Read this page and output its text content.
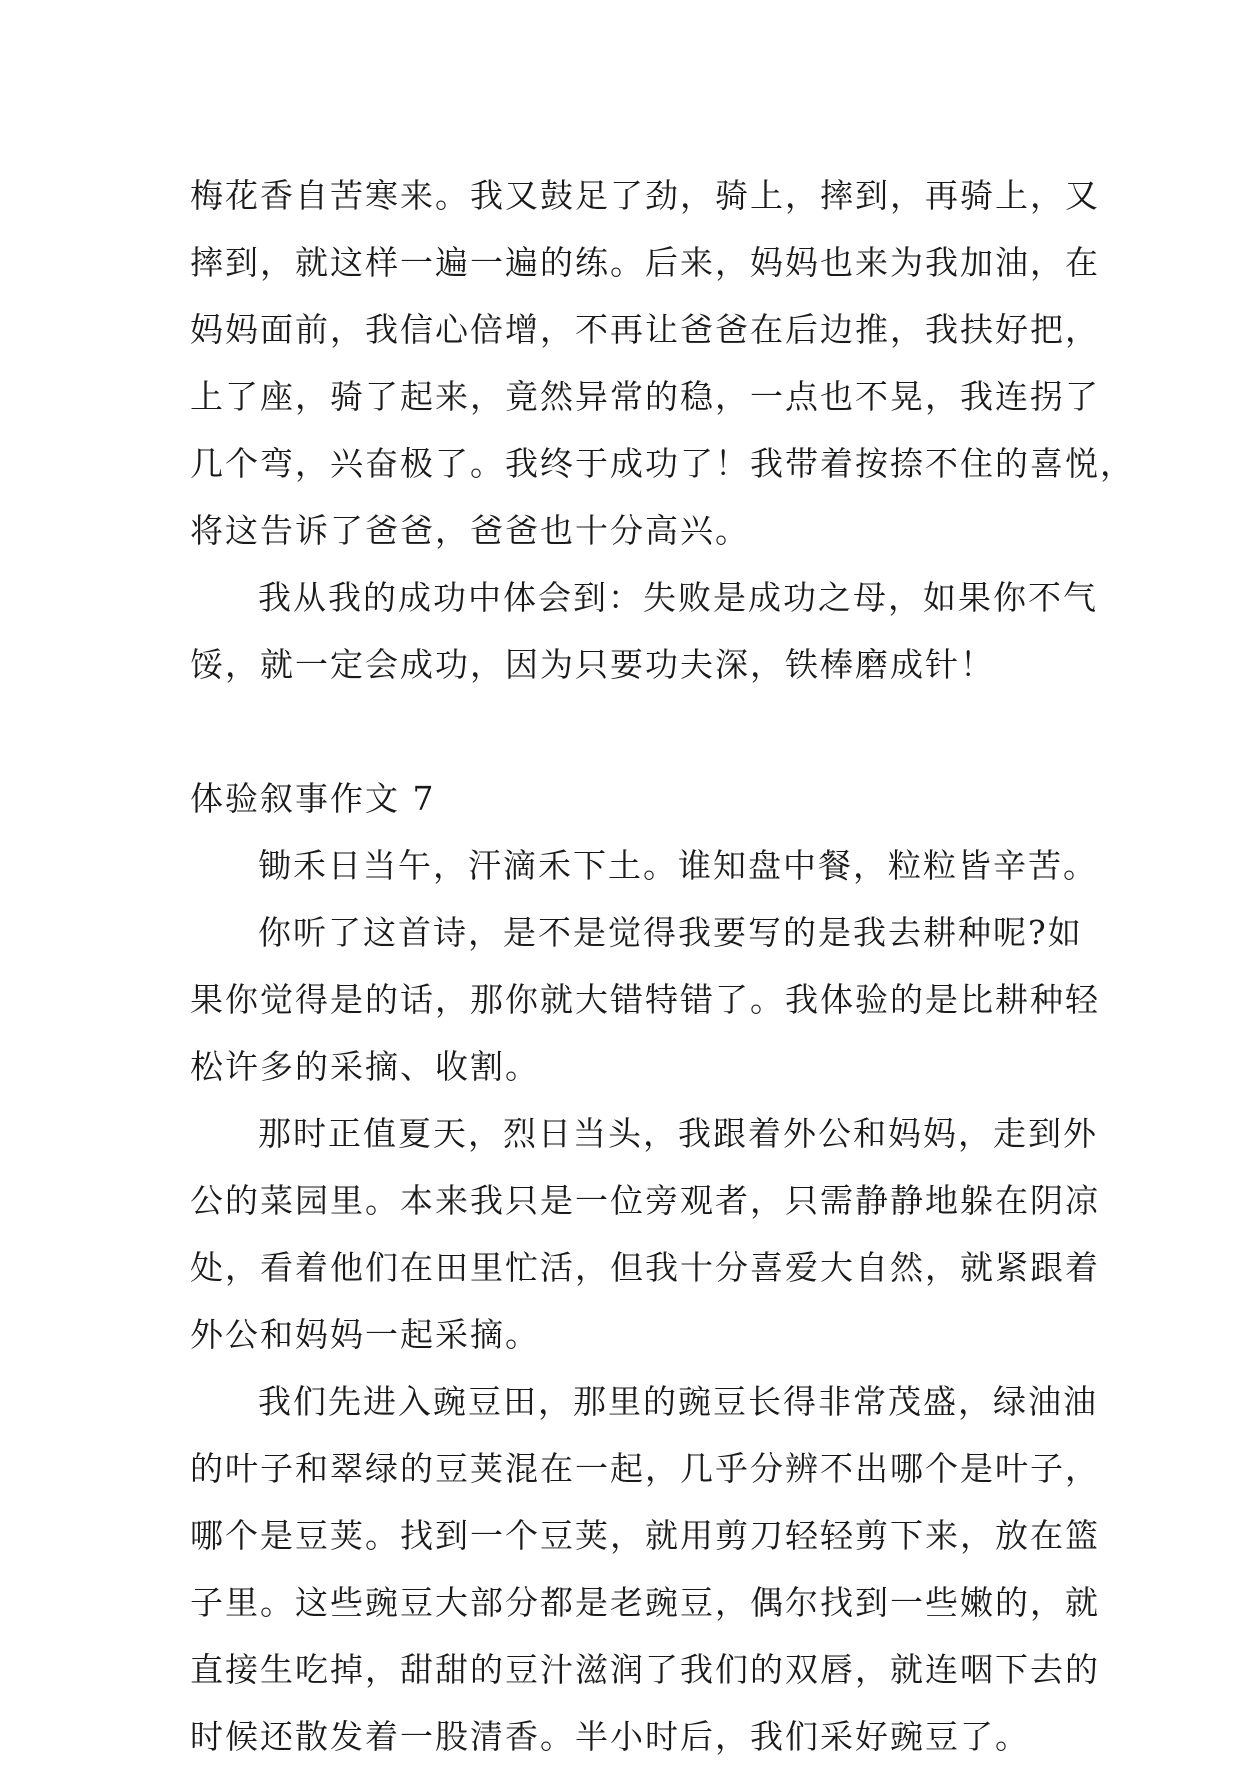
梅花香自苦寒来。我又鼓足了劲，骑上，摔到，再骑上，又
摔到，就这样一遍一遍的练。后来，妈妈也来为我加油，在
妈妈面前，我信心倍增，不再让爸爸在后边推，我扶好把，
上了座，骑了起来，竟然异常的稳，一点也不晃，我连拐了
几个弯，兴奋极了。我终于成功了！我带着按捺不住的喜悦，
将这告诉了爸爸，爸爸也十分高兴。
我从我的成功中体会到：失败是成功之母，如果你不气
馁，就一定会成功，因为只要功夫深，铁棒磨成针！
体验叙事作文 7
锄禾日当午，汗滴禾下土。谁知盘中餐，粒粒皆辛苦。
你听了这首诗，是不是觉得我要写的是我去耕种呢?如
果你觉得是的话，那你就大错特错了。我体验的是比耕种轻
松许多的采摘、收割。
那时正值夏天，烈日当头，我跟着外公和妈妈，走到外
公的菜园里。本来我只是一位旁观者，只需静静地躲在阴凉
处，看着他们在田里忙活，但我十分喜爱大自然，就紧跟着
外公和妈妈一起采摘。
我们先进入豌豆田，那里的豌豆长得非常茂盛，绿油油
的叶子和翠绿的豆荚混在一起，几乎分辨不出哪个是叶子，
哪个是豆荚。找到一个豆荚，就用剪刀轻轻剪下来，放在篮
子里。这些豌豆大部分都是老豌豆，偶尔找到一些嫩的，就
直接生吃掉，甜甜的豆汁滋润了我们的双唇，就连咽下去的
时候还散发着一股清香。半小时后，我们采好豌豆了。
